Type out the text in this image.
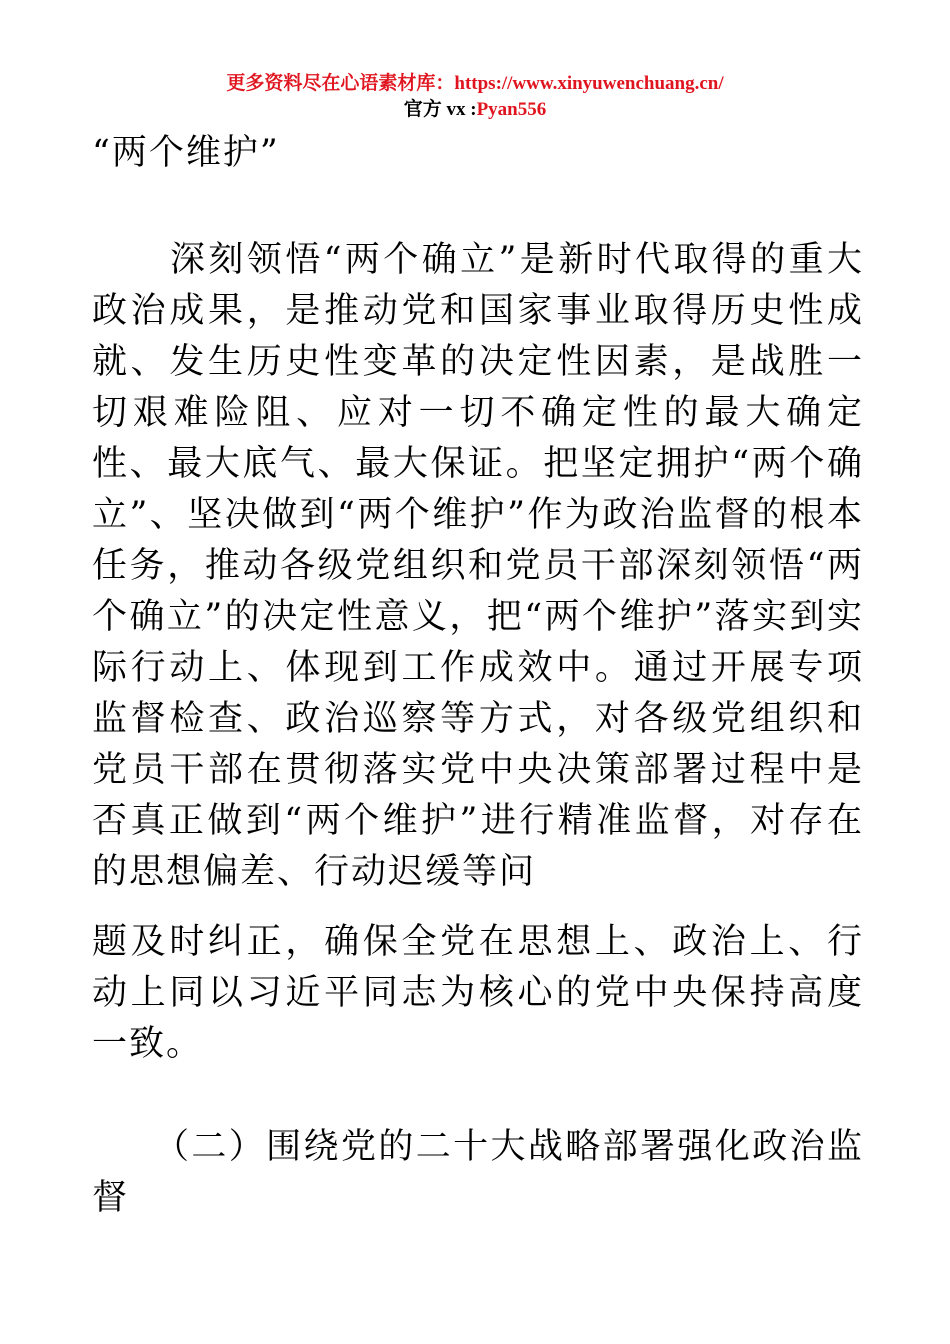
更多资料尽在心语素材库：https://www.xinyuwenchuang.cn/
官方 vx :Pyan556

“两个维护”

深刻领悟“两个确立”是新时代取得的重大政治成果，是推动党和国家事业取得历史性成就、发生历史性变革的决定性因素，是战胜一切艰难险阻、应对一切不确定性的最大确定性、最大底气、最大保证。把坚定拥护“两个确立”、坚决做到“两个维护”作为政治监督的根本任务，推动各级党组织和党员干部深刻领悟“两个确立”的决定性意义，把“两个维护”落实到实际行动上、体现到工作成效中。通过开展专项监督检查、政治巡察等方式，对各级党组织和党员干部在贯彻落实党中央决策部署过程中是否真正做到“两个维护”进行精准监督，对存在的思想偏差、行动迟缓等问

题及时纠正，确保全党在思想上、政治上、行动上同以习近平同志为核心的党中央保持高度一致。

（二）围绕党的二十大战略部署强化政治监督
